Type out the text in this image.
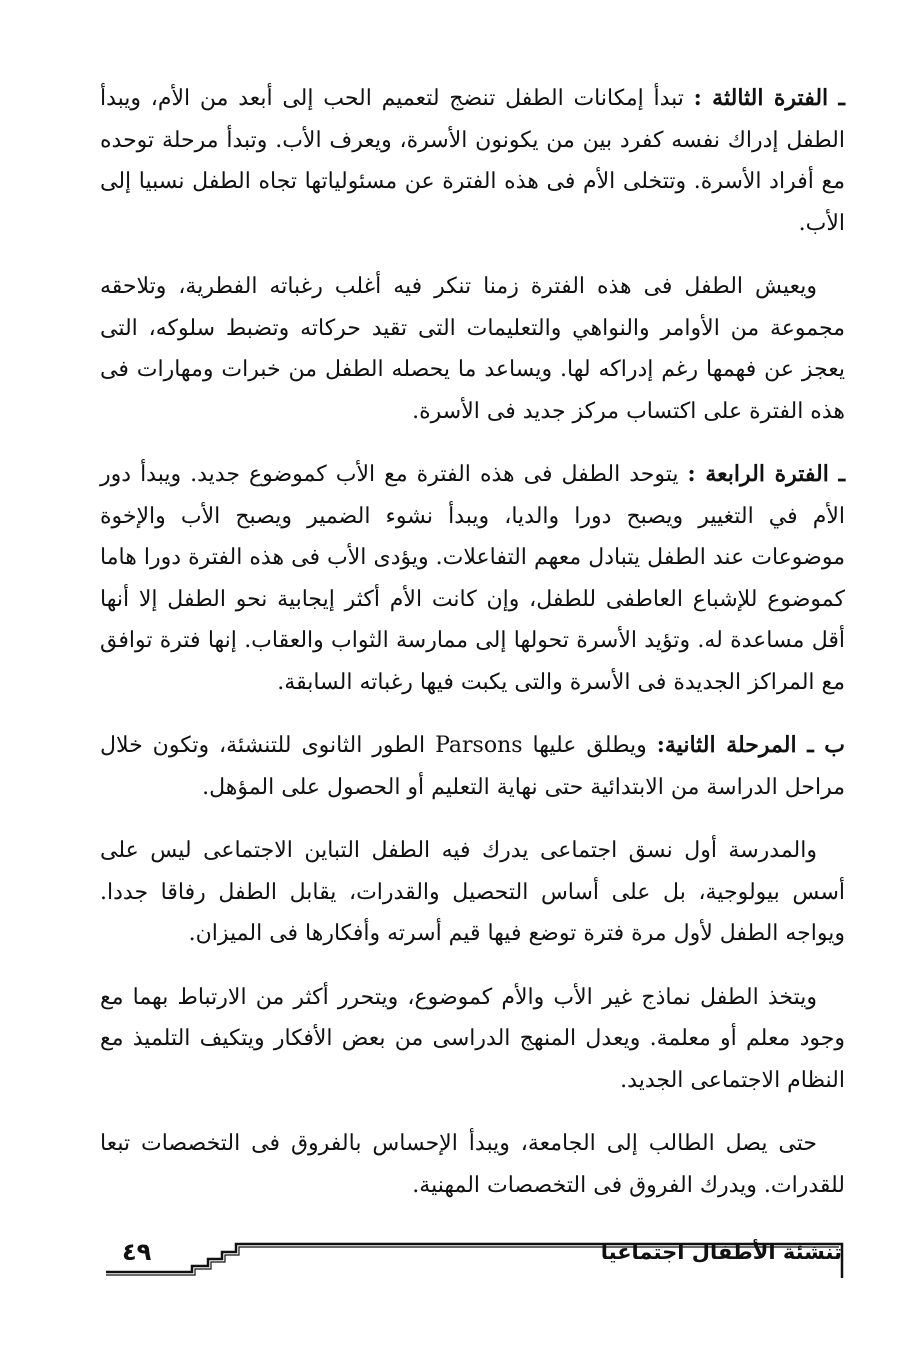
ـ الفترة الثالثة : تبدأ إمكانات الطفل تنضج لتعميم الحب إلى أبعد من الأم، ويبدأ الطفل إدراك نفسه كفرد بين من يكونون الأسرة، ويعرف الأب. وتبدأ مرحلة توحده مع أفراد الأسرة. وتتخلى الأم فى هذه الفترة عن مسئولياتها تجاه الطفل نسبيا إلى الأب.

ويعيش الطفل فى هذه الفترة زمنا تنكر فيه أغلب رغباته الفطرية، وتلاحقه مجموعة من الأوامر والنواهي والتعليمات التى تقيد حركاته وتضبط سلوكه، التى يعجز عن فهمها رغم إدراكه لها. ويساعد ما يحصله الطفل من خبرات ومهارات فى هذه الفترة على اكتساب مركز جديد فى الأسرة.

ـ الفترة الرابعة : يتوحد الطفل فى هذه الفترة مع الأب كموضوع جديد. ويبدأ دور الأم في التغيير ويصبح دورا والديا، ويبدأ نشوء الضمير ويصبح الأب والإخوة موضوعات عند الطفل يتبادل معهم التفاعلات. ويؤدى الأب فى هذه الفترة دورا هاما كموضوع للإشباع العاطفى للطفل، وإن كانت الأم أكثر إيجابية نحو الطفل إلا أنها أقل مساعدة له. وتؤيد الأسرة تحولها إلى ممارسة الثواب والعقاب. إنها فترة توافق مع المراكز الجديدة فى الأسرة والتى يكبت فيها رغباته السابقة.

ب ـ المرحلة الثانية: ويطلق عليها Parsons الطور الثانوى للتنشئة، وتكون خلال مراحل الدراسة من الابتدائية حتى نهاية التعليم أو الحصول على المؤهل.

والمدرسة أول نسق اجتماعى يدرك فيه الطفل التباين الاجتماعى ليس على أسس بيولوجية، بل على أساس التحصيل والقدرات، يقابل الطفل رفاقا جددا. ويواجه الطفل لأول مرة فترة توضع فيها قيم أسرته وأفكارها فى الميزان.

ويتخذ الطفل نماذج غير الأب والأم كموضوع، ويتحرر أكثر من الارتباط بهما مع وجود معلم أو معلمة. ويعدل المنهج الدراسى من بعض الأفكار ويتكيف التلميذ مع النظام الاجتماعى الجديد.

حتى يصل الطالب إلى الجامعة، ويبدأ الإحساس بالفروق فى التخصصات تبعا للقدرات. ويدرك الفروق فى التخصصات المهنية.

٤٩	تنشئة الأطفال اجتماعيا
